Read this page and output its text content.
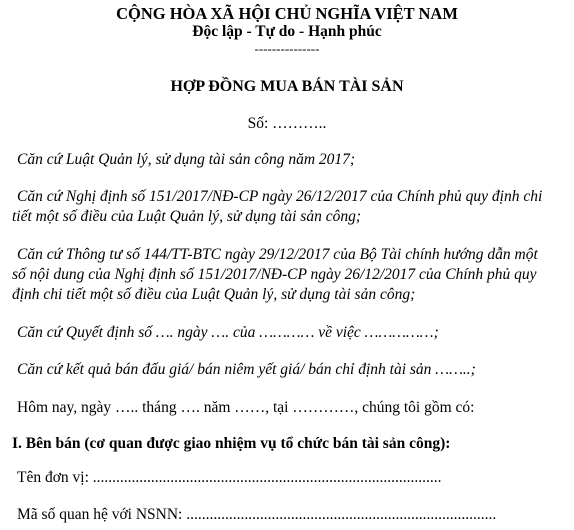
CỘNG HÒA XÃ HỘI CHỦ NGHĨA VIỆT NAM
Độc lập - Tự do - Hạnh phúc
---------------
HỢP ĐỒNG MUA BÁN TÀI SẢN
Số: ………..
Căn cứ Luật Quản lý, sử dụng tài sản công năm 2017;
Căn cứ Nghị định số 151/2017/NĐ-CP ngày 26/12/2017 của Chính phủ quy định chi
tiết một số điều của Luật Quản lý, sử dụng tài sản công;
Căn cứ Thông tư số 144/TT-BTC ngày 29/12/2017 của Bộ Tài chính hướng dẫn một
số nội dung của Nghị định số 151/2017/NĐ-CP ngày 26/12/2017 của Chính phủ quy
định chi tiết một số điều của Luật Quản lý, sử dụng tài sản công;
Căn cứ Quyết định số …. ngày …. của ………… về việc ……………;
Căn cứ kết quả bán đấu giá/ bán niêm yết giá/ bán chỉ định tài sản ……..;
Hôm nay, ngày ….. tháng …. năm ……, tại …………, chúng tôi gồm có:
I. Bên bán (cơ quan được giao nhiệm vụ tổ chức bán tài sản công):
Tên đơn vị: ..........................................................................................
Mã số quan hệ với NSNN: ................................................................................
